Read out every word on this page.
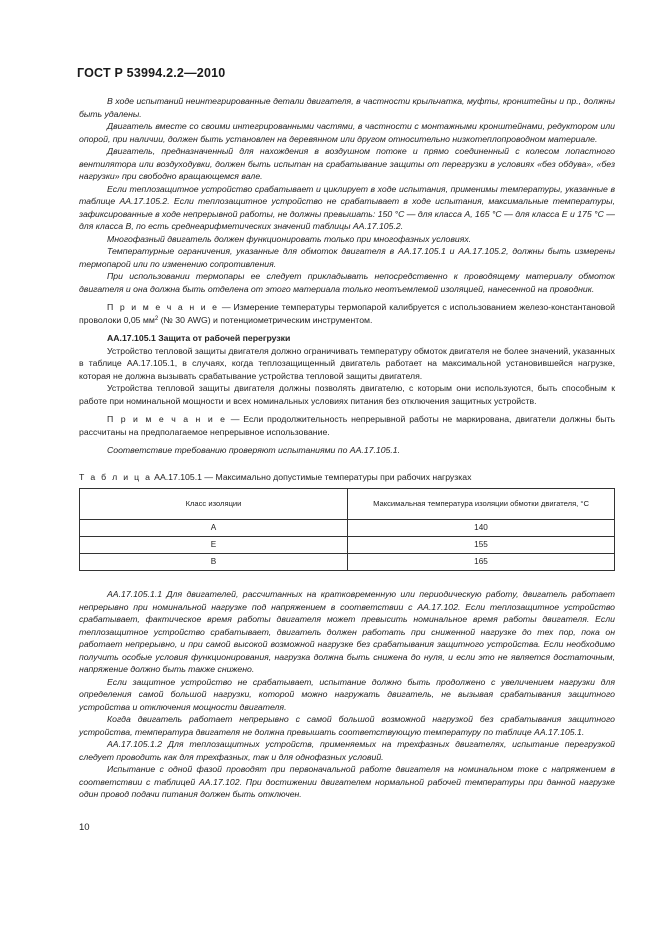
ГОСТ Р 53994.2.2—2010

В ходе испытаний неинтегрированные детали двигателя, в частности крыльчатка, муфты, кронштейны и пр., должны быть удалены.

Двигатель вместе со своими интегрированными частями, в частности с монтажными кронштейнами, редуктором или опорой, при наличии, должен быть установлен на деревянном или другом относительно низкотеплопроводном материале.

Двигатель, предназначенный для нахождения в воздушном потоке и прямо соединенный с колесом лопастного вентилятора или воздуходувки, должен быть испытан на срабатывание защиты от перегрузки в условиях «без обдува», «без нагрузки» при свободно вращающемся вале.

Если теплозащитное устройство срабатывает и циклирует в ходе испытания, применимы температуры, указанные в таблице АА.17.105.2. Если теплозащитное устройство не срабатывает в ходе испытания, максимальные температуры, зафиксированные в ходе непрерывной работы, не должны превышать: 150 °С — для класса А, 165 °С — для класса Е и 175 °С — для класса В, по есть среднеарифметических значений таблицы АА.17.105.2.

Многофазный двигатель должен функционировать только при многофазных условиях.

Температурные ограничения, указанные для обмоток двигателя в АА.17.105.1 и АА.17.105.2, должны быть измерены термопарой или по изменению сопротивления.

При использовании термопары ее следует прикладывать непосредственно к проводящему материалу обмоток двигателя и она должна быть отделена от этого материала только неотъемлемой изоляцией, нанесенной на проводник.

П р и м е ч а н и е — Измерение температуры термопарой калибруется с использованием железо-константановой проволоки 0,05 $мм^2$ (№ 30 AWG) и потенциометрическим инструментом.

АА.17.105.1 Защита от рабочей перегрузки

Устройство тепловой защиты двигателя должно ограничивать температуру обмоток двигателя не более значений, указанных в таблице АА.17.105.1, в случаях, когда теплозащищенный двигатель работает на максимальной установившейся нагрузке, которая не должна вызывать срабатывание устройства тепловой защиты двигателя.

Устройства тепловой защиты двигателя должны позволять двигателю, с которым они используются, быть способным к работе при номинальной мощности и всех номинальных условиях питания без отключения защитных устройств.

П р и м е ч а н и е — Если продолжительность непрерывной работы не маркирована, двигатели должны быть рассчитаны на предполагаемое непрерывное использование.

Соответствие требованию проверяют испытаниями по АА.17.105.1.

Т а б л и ц а АА.17.105.1 — Максимально допустимые температуры при рабочих нагрузках

Класс изоляции	Максимальная температура изоляции обмотки двигателя, °С
А	140
Е	155
В	165

АА.17.105.1.1 Для двигателей, рассчитанных на кратковременную или периодическую работу, двигатель работает непрерывно при номинальной нагрузке под напряжением в соответствии с АА.17.102. Если теплозащитное устройство срабатывает, фактическое время работы двигателя может превысить номинальное время работы двигателя. Если теплозащитное устройство срабатывает, двигатель должен работать при сниженной нагрузке до тех пор, пока он работает непрерывно, и при самой высокой возможной нагрузке без срабатывания защитного устройства. Если необходимо получить особые условия функционирования, нагрузка должна быть снижена до нуля, и если это не является достаточным, напряжение должно быть также снижено.

Если защитное устройство не срабатывает, испытание должно быть продолжено с увеличением нагрузки для определения самой большой нагрузки, которой можно нагружать двигатель, не вызывая срабатывания защитного устройства и отключения мощности двигателя.

Когда двигатель работает непрерывно с самой большой возможной нагрузкой без срабатывания защитного устройства, температура двигателя не должна превышать соответствующую температуру по таблице АА.17.105.1.

АА.17.105.1.2 Для теплозащитных устройств, применяемых на трехфазных двигателях, испытание перегрузкой следует проводить как для трехфазных, так и для однофазных условий.

Испытание с одной фазой проводят при первоначальной работе двигателя на номинальном токе с напряжением в соответствии с таблицей АА.17.102. При достижении двигателем нормальной рабочей температуры при данной нагрузке один провод подачи питания должен быть отключен.

10
